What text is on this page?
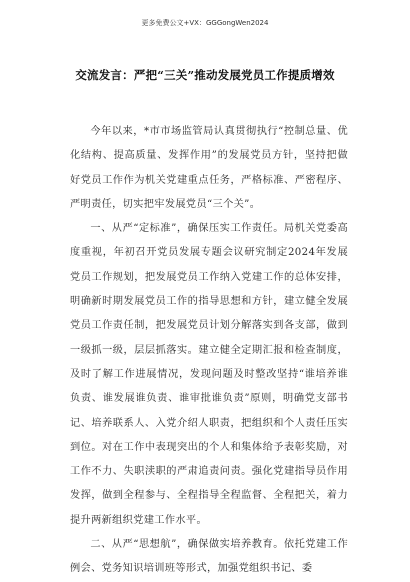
更多免费公文+VX：GGGongWen2024
交流发言：严把“三关”推动发展党员工作提质增效

今年以来，*市市场监管局认真贯彻执行“控制总量、优化结构、提高质量、发挥作用”的发展党员方针，坚持把做好党员工作作为机关党建重点任务，严格标准、严密程序、严明责任，切实把牢发展党员“三个关”。

一、从严“定标准”，确保压实工作责任。局机关党委高度重视，年初召开党员发展专题会议研究制定2024年发展党员工作规划，把发展党员工作纳入党建工作的总体安排，明确新时期发展党员工作的指导思想和方针，建立健全发展党员工作责任制，把发展党员计划分解落实到各支部，做到一级抓一级，层层抓落实。建立健全定期汇报和检查制度，及时了解工作进展情况，发现问题及时整改坚持“谁培养谁负责、谁发展谁负责、谁审批谁负责”原则，明确党支部书记、培养联系人、入党介绍人职责，把组织和个人责任压实到位。对在工作中表现突出的个人和集体给予表彰奖励，对工作不力、失职渎职的严肃追责问责。强化党建指导员作用发挥，做到全程参与、全程指导全程监督、全程把关，着力提升两新组织党建工作水平。

二、从严“思想航”，确保做实培养教育。依托党建工作例会、党务知识培训班等形式，加强党组织书记、委
